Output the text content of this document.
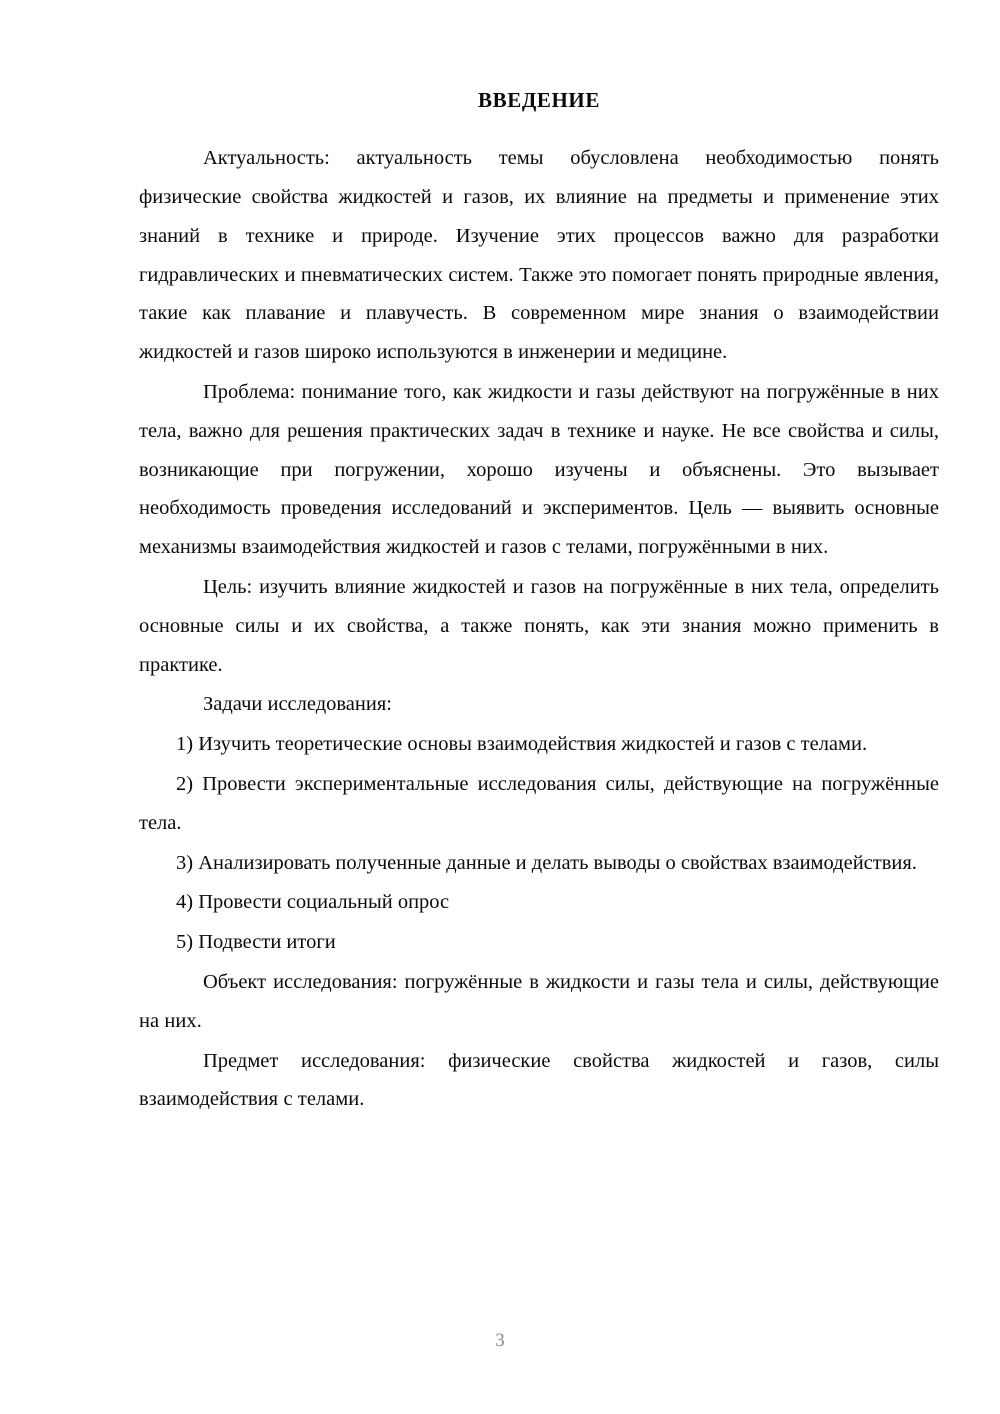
ВВЕДЕНИЕ

Актуальность: актуальность темы обусловлена необходимостью понять физические свойства жидкостей и газов, их влияние на предметы и применение этих знаний в технике и природе. Изучение этих процессов важно для разработки гидравлических и пневматических систем. Также это помогает понять природные явления, такие как плавание и плавучесть. В современном мире знания о взаимодействии жидкостей и газов широко используются в инженерии и медицине.

Проблема: понимание того, как жидкости и газы действуют на погружённые в них тела, важно для решения практических задач в технике и науке. Не все свойства и силы, возникающие при погружении, хорошо изучены и объяснены. Это вызывает необходимость проведения исследований и экспериментов. Цель — выявить основные механизмы взаимодействия жидкостей и газов с телами, погружёнными в них.

Цель: изучить влияние жидкостей и газов на погружённые в них тела, определить основные силы и их свойства, а также понять, как эти знания можно применить в практике.

Задачи исследования:

1) Изучить теоретические основы взаимодействия жидкостей и газов с телами.

2) Провести экспериментальные исследования силы, действующие на погружённые тела.

3) Анализировать полученные данные и делать выводы о свойствах взаимодействия.

4) Провести социальный опрос

5) Подвести итоги

Объект исследования: погружённые в жидкости и газы тела и силы, действующие на них.

Предмет исследования: физические свойства жидкостей и газов, силы взаимодействия с телами.

3
